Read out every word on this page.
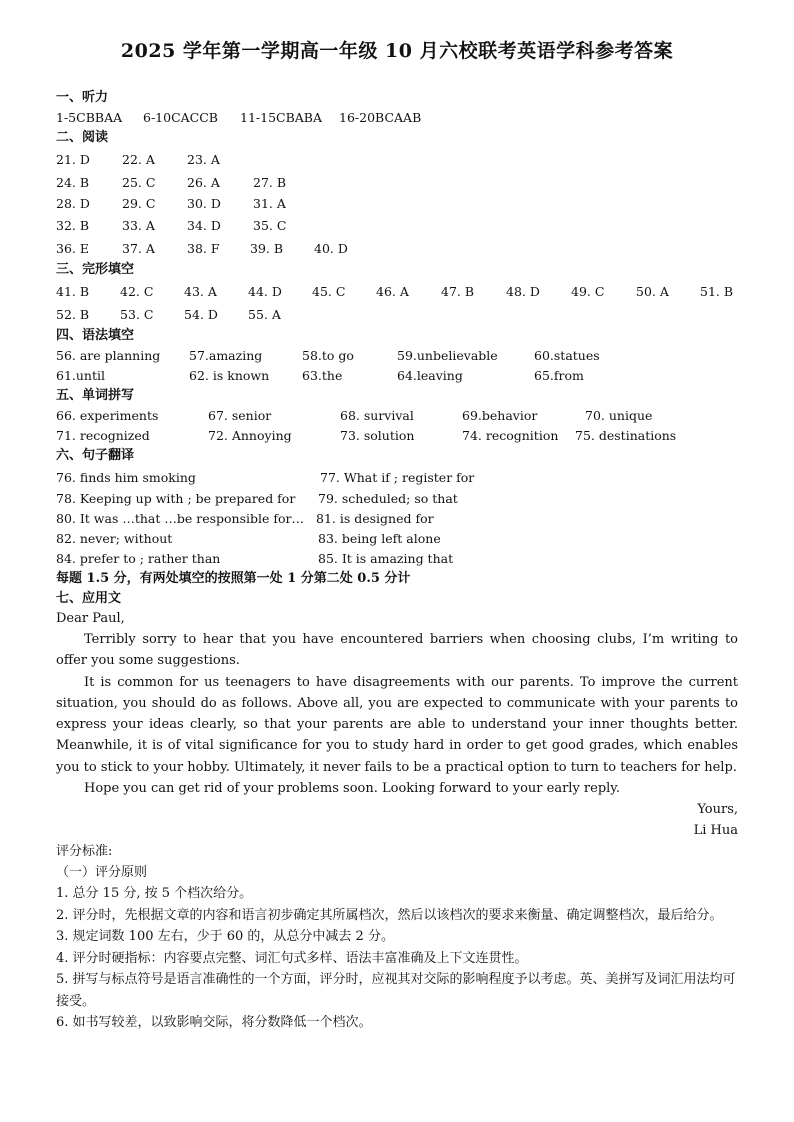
2025 学年第一学期高一年级 10 月六校联考英语学科参考答案
一、听力
1-5CBBAA 6-10CACCB 11-15CBABA 16-20BCAAB
二、阅读
21. D	22. A	23. A
24. B	25. C	26. A	27. B
28. D	29. C	30. D	31. A
32. B	33. A	34. D	35. C
36. E	37. A	38. F 39. B 40. D
三、完形填空
41. B 42. C 43. A 44. D 45. C 46. A	47. B	48. D 49. C	50. A 51. B
52. B 53. C 54. D 55. A
四、语法填空
56. are planning 57.amazing	58.to go	59.unbelievable	60.statues
61.until	62. is known	63.the	64.leaving	65.from
五、单词拼写
66. experiments	67. senior	68. survival	69.behavior	70. unique
71. recognized	72. Annoying	73. solution	74. recognition 75. destinations
六、句子翻译
76. finds him smoking	77. What if ; register for
78. Keeping up with ; be prepared for 79. scheduled; so that
80. It was …that …be responsible for… 81. is designed for
82. never; without	83. being left alone
84. prefer to ; rather than	85. It is amazing that
每题 1.5 分，有两处填空的按照第一处 1 分第二处 0.5 分计
七、应用文
Dear Paul,

Terribly sorry to hear that you have encountered barriers when choosing clubs, I’m writing to offer you some suggestions.

It is common for us teenagers to have disagreements with our parents. To improve the current situation, you should do as follows. Above all, you are expected to communicate with your parents to express your ideas clearly, so that your parents are able to understand your inner thoughts better. Meanwhile, it is of vital significance for you to study hard in order to get good grades, which enables you to stick to your hobby. Ultimately, it never fails to be a practical option to turn to teachers for help.

Hope you can get rid of your problems soon. Looking forward to your early reply.

Yours,
Li Hua
评分标准:
（一）评分原则

1. 总分 15 分, 按 5 个档次给分。

2. 评分时，先根据文章的内容和语言初步确定其所属档次，然后以该档次的要求来衡量、确定调整档次，最后给分。

3. 规定词数 100 左右，少于 60 的，从总分中减去 2 分。

4. 评分时硬指标：内容要点完整、词汇句式多样、语法丰富准确及上下文连贯性。

5. 拼写与标点符号是语言准确性的一个方面，评分时，应视其对交际的影响程度予以考虑。英、美拼写及词汇用法均可接受。

6. 如书写较差，以致影响交际，将分数降低一个档次。
